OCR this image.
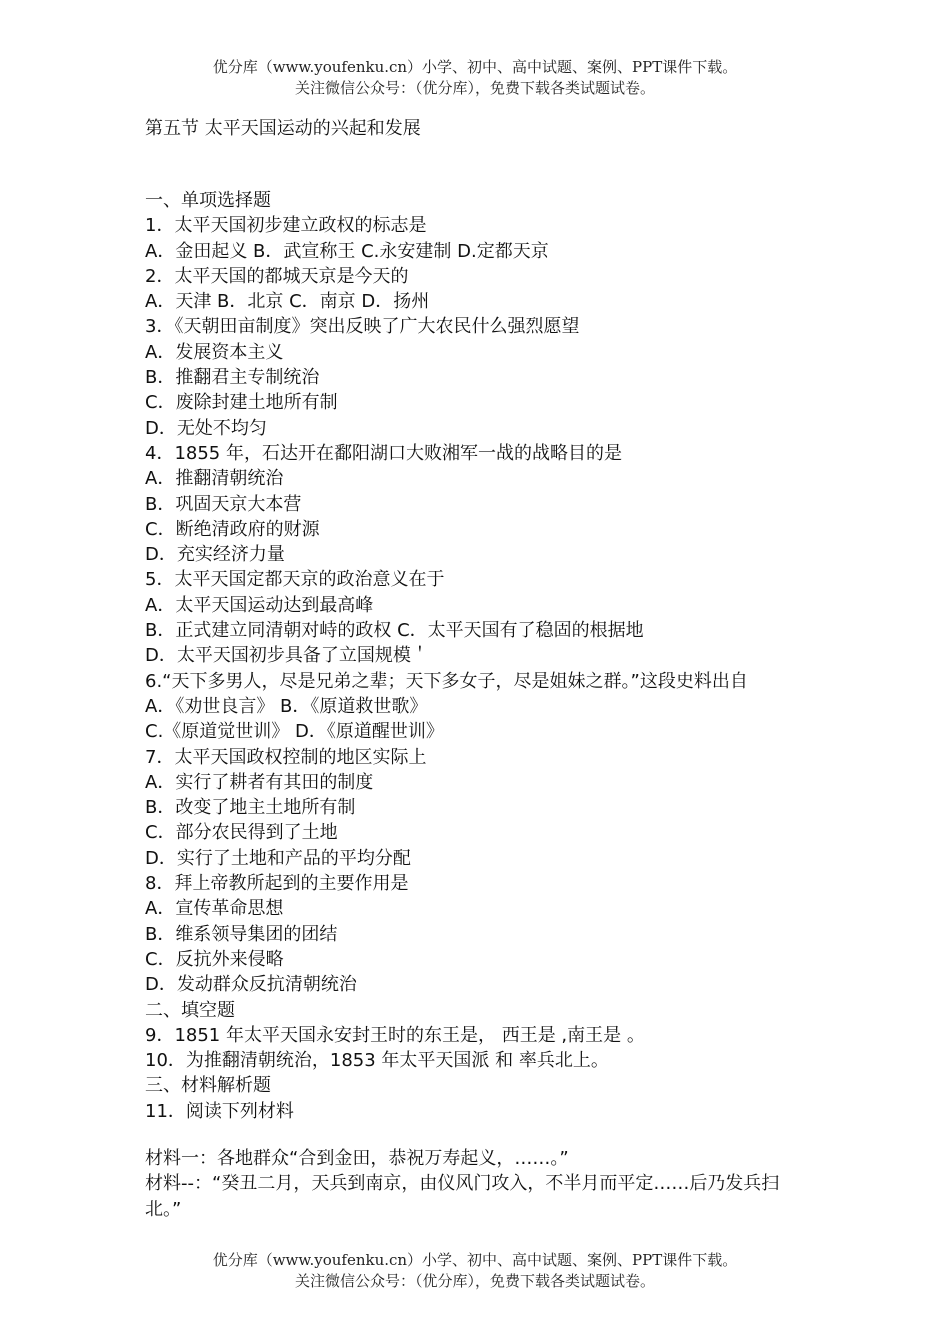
优分库（www.youfenku.cn）小学、初中、高中试题、案例、PPT课件下载。
关注微信公众号：（优分库），免费下载各类试题试卷。
第五节 太平天国运动的兴起和发展
一、单项选择题
1．太平天国初步建立政权的标志是
A．金田起义 B．武宣称王 C.永安建制 D.定都天京
2．太平天国的都城天京是今天的
A．天津 B．北京 C．南京 D．扬州
3．《天朝田亩制度》突出反映了广大农民什么强烈愿望
A．发展资本主义
B．推翻君主专制统治
C．废除封建土地所有制
D．无处不均匀
4．1855 年，石达开在鄱阳湖口大败湘军一战的战略目的是
A．推翻清朝统治
B．巩固天京大本营
C．断绝清政府的财源
D．充实经济力量
5．太平天国定都天京的政治意义在于
A．太平天国运动达到最高峰
B．正式建立同清朝对峙的政权 C．太平天国有了稳固的根据地
D．太平天国初步具备了立国规模＇
6.“天下多男人，尽是兄弟之辈；天下多女子，尽是姐妹之群。”这段史料出自
A．《劝世良言》 B．《原道救世歌》
C.《原道觉世训》 D．《原道醒世训》
7．太平天国政权控制的地区实际上
A．实行了耕者有其田的制度
B．改变了地主土地所有制
C．部分农民得到了土地
D．实行了土地和产品的平均分配
8．拜上帝教所起到的主要作用是
A．宣传革命思想
B．维系领导集团的团结
C．反抗外来侵略
D．发动群众反抗清朝统治
二、填空题
9．1851 年太平天国永安封王时的东王是， 西王是 ,南王是 。
10．为推翻清朝统治，1853 年太平天国派 和 率兵北上。
三、材料解析题
11．阅读下列材料
材料一：各地群众“合到金田，恭祝万寿起义，……。”
材料--：“癸丑二月，天兵到南京，由仪风门攻入，不半月而平定……后乃发兵扫北。”
优分库（www.youfenku.cn）小学、初中、高中试题、案例、PPT课件下载。
关注微信公众号：（优分库），免费下载各类试题试卷。
